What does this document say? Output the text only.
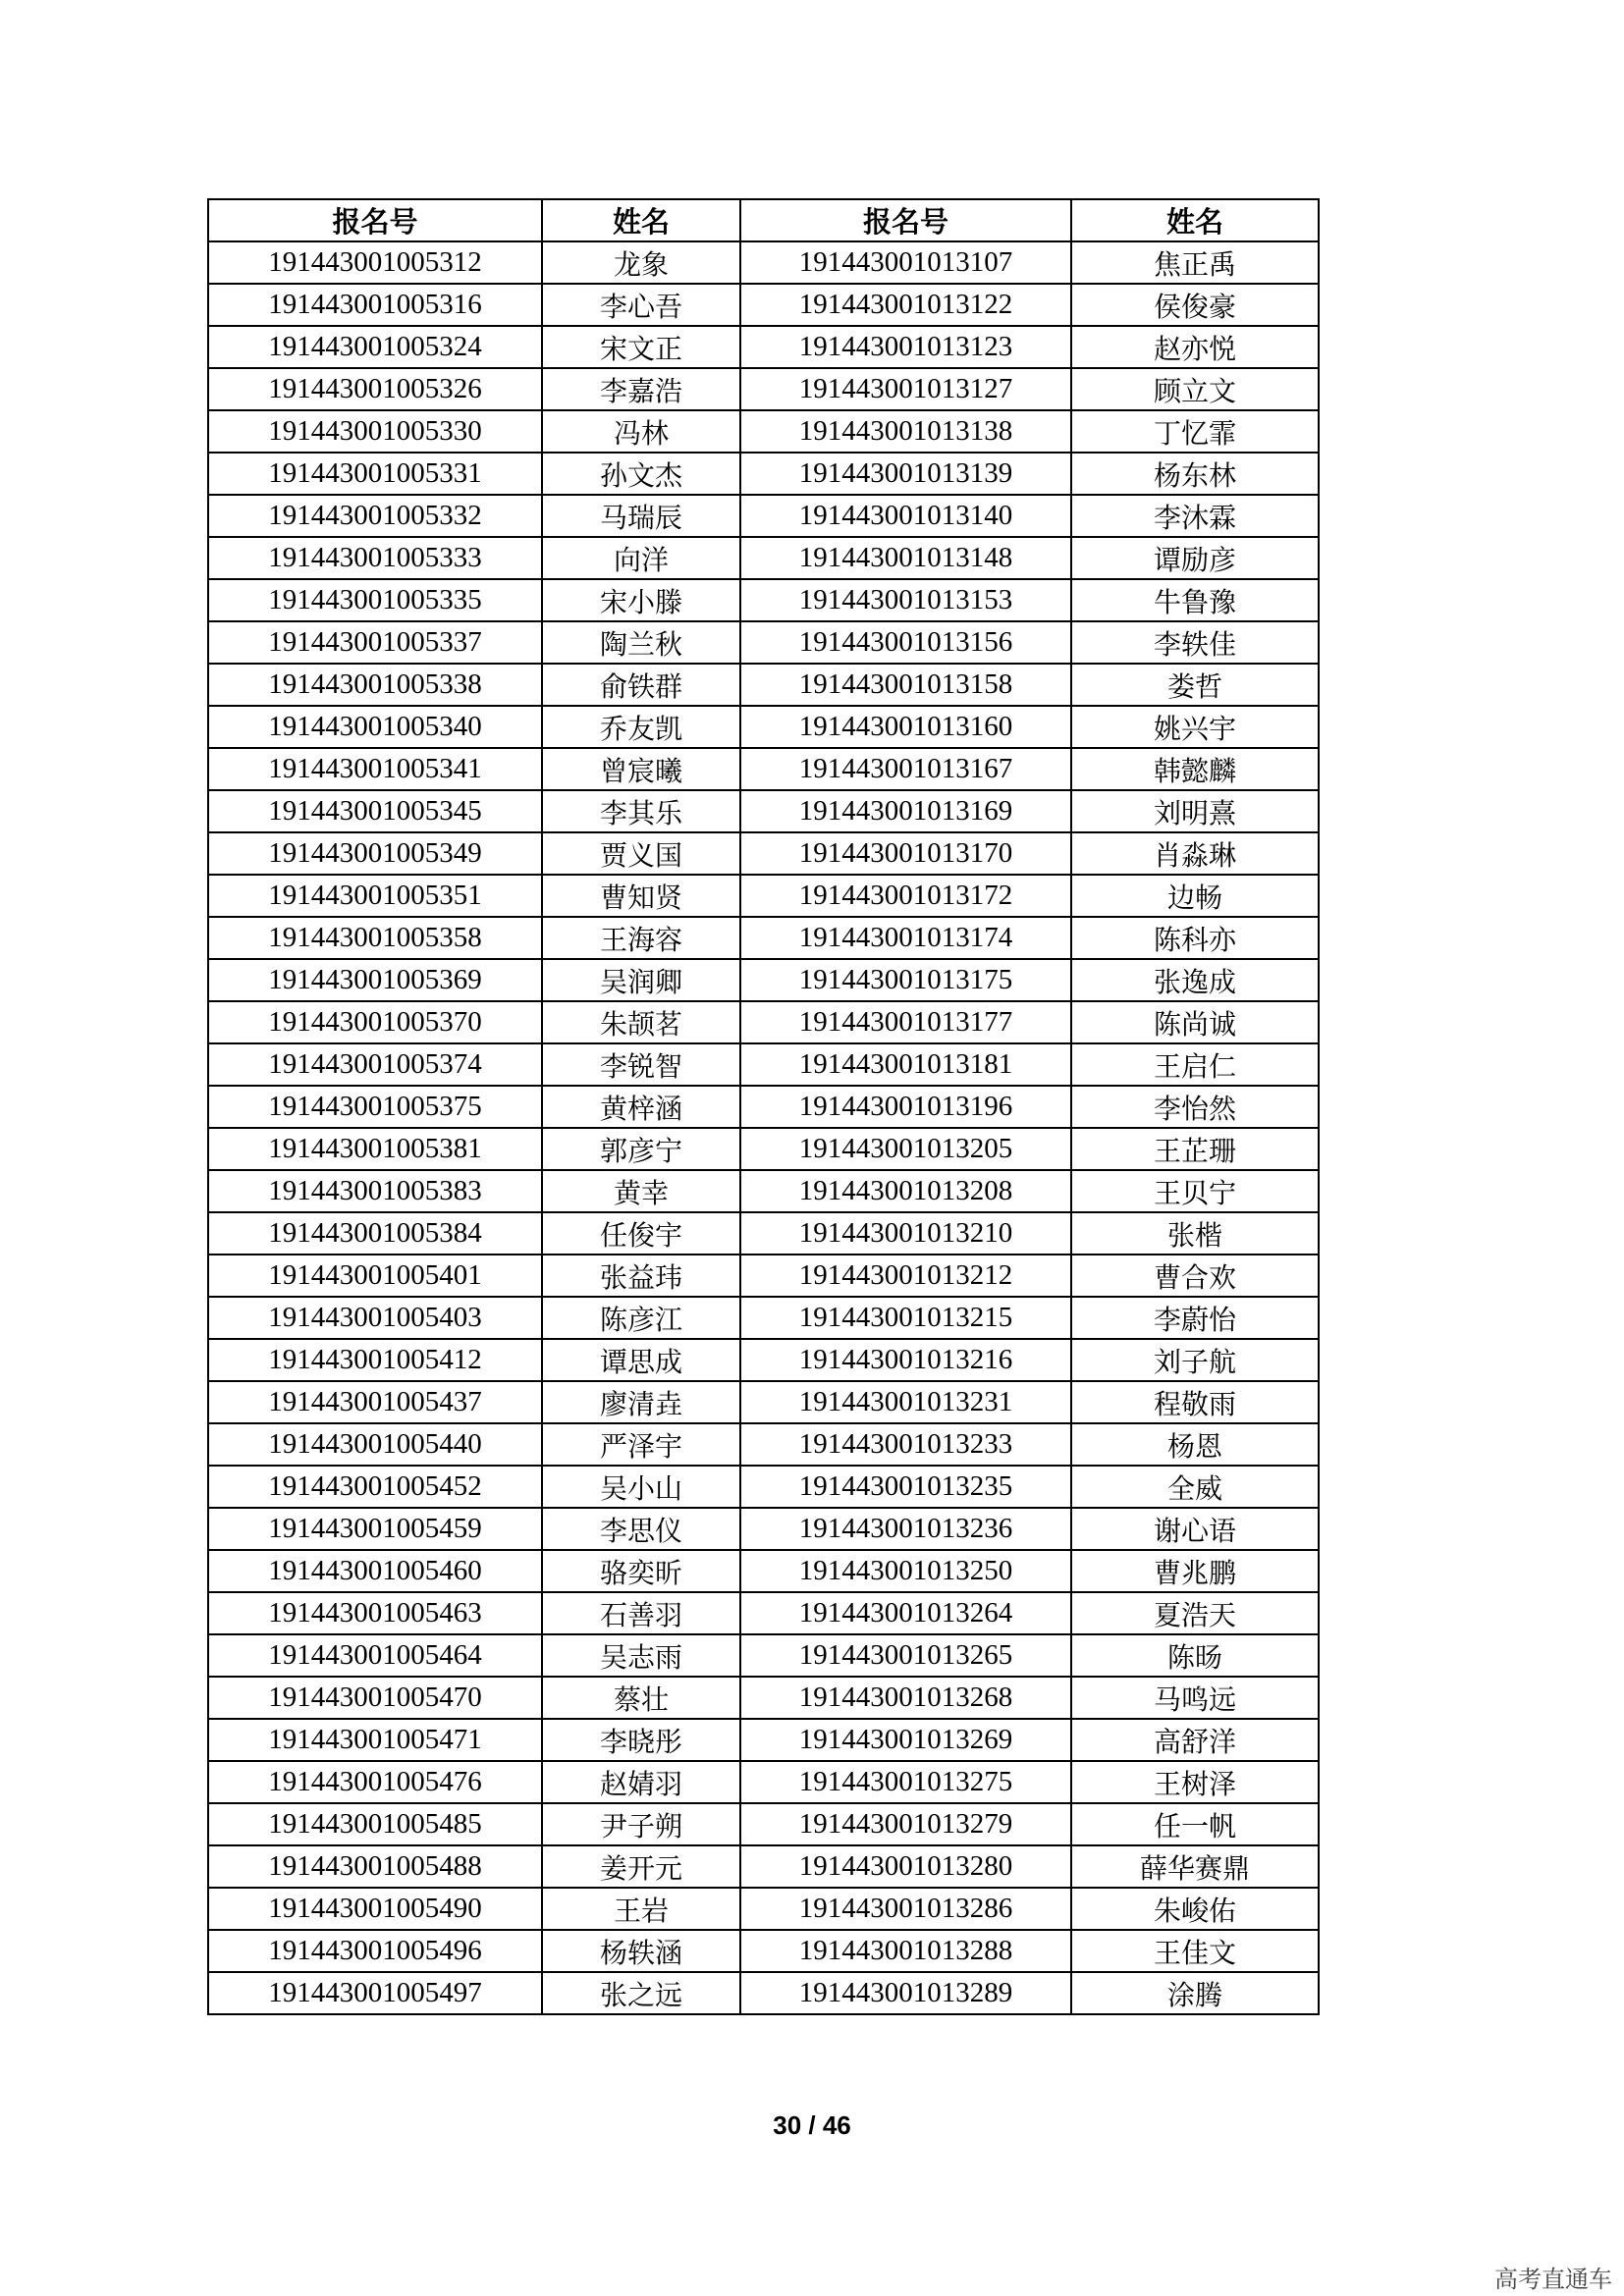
报名号	姓名	报名号	姓名
191443001005312	龙象	191443001013107	焦正禹
191443001005316	李心吾	191443001013122	侯俊豪
191443001005324	宋文正	191443001013123	赵亦悦
191443001005326	李嘉浩	191443001013127	顾立文
191443001005330	冯林	191443001013138	丁忆霏
191443001005331	孙文杰	191443001013139	杨东林
191443001005332	马瑞辰	191443001013140	李沐霖
191443001005333	向洋	191443001013148	谭励彦
191443001005335	宋小滕	191443001013153	牛鲁豫
191443001005337	陶兰秋	191443001013156	李轶佳
191443001005338	俞铁群	191443001013158	娄哲
191443001005340	乔友凯	191443001013160	姚兴宇
191443001005341	曾宸曦	191443001013167	韩懿麟
191443001005345	李其乐	191443001013169	刘明熹
191443001005349	贾义国	191443001013170	肖淼琳
191443001005351	曹知贤	191443001013172	边畅
191443001005358	王海容	191443001013174	陈科亦
191443001005369	吴润卿	191443001013175	张逸成
191443001005370	朱颉茗	191443001013177	陈尚诚
191443001005374	李锐智	191443001013181	王启仁
191443001005375	黄梓涵	191443001013196	李怡然
191443001005381	郭彦宁	191443001013205	王芷珊
191443001005383	黄幸	191443001013208	王贝宁
191443001005384	任俊宇	191443001013210	张楷
191443001005401	张益玮	191443001013212	曹合欢
191443001005403	陈彦江	191443001013215	李蔚怡
191443001005412	谭思成	191443001013216	刘子航
191443001005437	廖清垚	191443001013231	程敬雨
191443001005440	严泽宇	191443001013233	杨恩
191443001005452	吴小山	191443001013235	全威
191443001005459	李思仪	191443001013236	谢心语
191443001005460	骆奕昕	191443001013250	曹兆鹏
191443001005463	石善羽	191443001013264	夏浩天
191443001005464	吴志雨	191443001013265	陈旸
191443001005470	蔡壮	191443001013268	马鸣远
191443001005471	李晓彤	191443001013269	高舒洋
191443001005476	赵婧羽	191443001013275	王树泽
191443001005485	尹子朔	191443001013279	任一帆
191443001005488	姜开元	191443001013280	薛华赛鼎
191443001005490	王岩	191443001013286	朱峻佑
191443001005496	杨轶涵	191443001013288	王佳文
191443001005497	张之远	191443001013289	涂腾
30 / 46
高考直通车
